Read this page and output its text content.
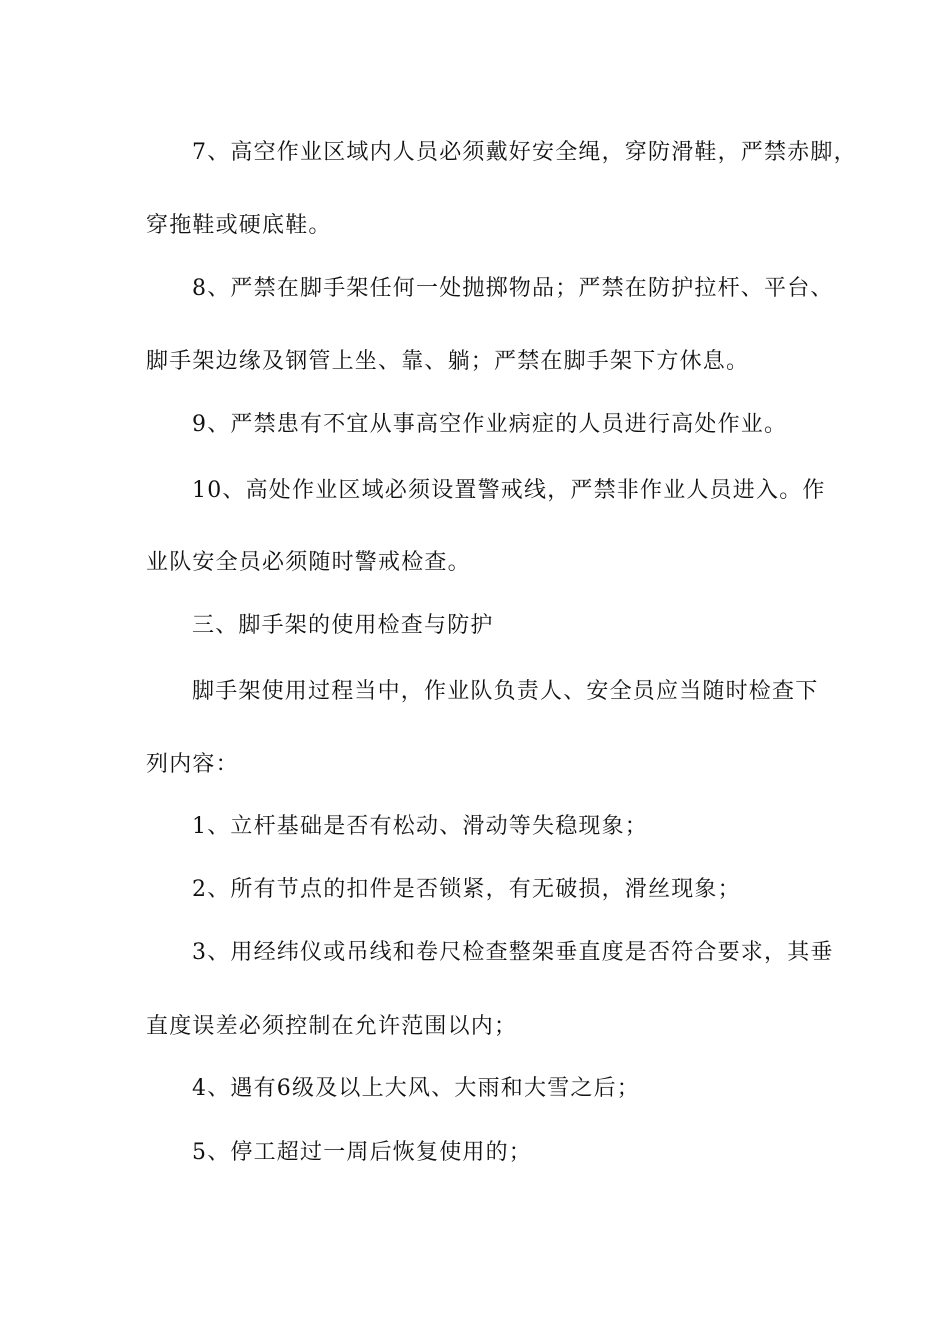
7、高空作业区域内人员必须戴好安全绳，穿防滑鞋，严禁赤脚，
穿拖鞋或硬底鞋。
8、严禁在脚手架任何一处抛掷物品；严禁在防护拉杆、平台、
脚手架边缘及钢管上坐、靠、躺；严禁在脚手架下方休息。
9、严禁患有不宜从事高空作业病症的人员进行高处作业。
10、高处作业区域必须设置警戒线，严禁非作业人员进入。作
业队安全员必须随时警戒检查。
三、脚手架的使用检查与防护
脚手架使用过程当中，作业队负责人、安全员应当随时检查下
列内容：
1、立杆基础是否有松动、滑动等失稳现象；
2、所有节点的扣件是否锁紧，有无破损，滑丝现象；
3、用经纬仪或吊线和卷尺检查整架垂直度是否符合要求，其垂
直度误差必须控制在允许范围以内；
4、遇有6级及以上大风、大雨和大雪之后；
5、停工超过一周后恢复使用的；
